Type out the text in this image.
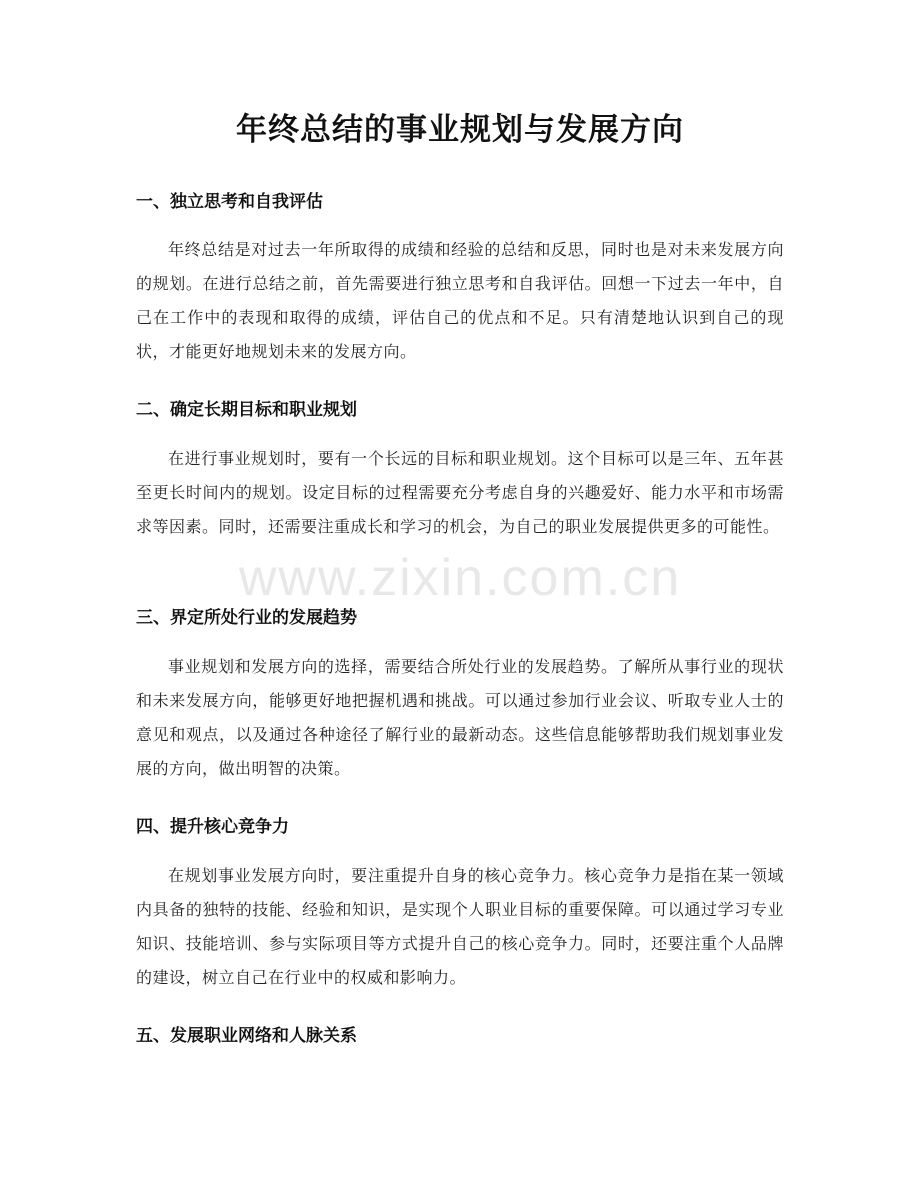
年终总结的事业规划与发展方向
一、独立思考和自我评估

年终总结是对过去一年所取得的成绩和经验的总结和反思，同时也是对未来发展方向的规划。在进行总结之前，首先需要进行独立思考和自我评估。回想一下过去一年中，自己在工作中的表现和取得的成绩，评估自己的优点和不足。只有清楚地认识到自己的现状，才能更好地规划未来的发展方向。

二、确定长期目标和职业规划

在进行事业规划时，要有一个长远的目标和职业规划。这个目标可以是三年、五年甚至更长时间内的规划。设定目标的过程需要充分考虑自身的兴趣爱好、能力水平和市场需求等因素。同时，还需要注重成长和学习的机会，为自己的职业发展提供更多的可能性。

三、界定所处行业的发展趋势

事业规划和发展方向的选择，需要结合所处行业的发展趋势。了解所从事行业的现状和未来发展方向，能够更好地把握机遇和挑战。可以通过参加行业会议、听取专业人士的意见和观点，以及通过各种途径了解行业的最新动态。这些信息能够帮助我们规划事业发展的方向，做出明智的决策。

四、提升核心竞争力

在规划事业发展方向时，要注重提升自身的核心竞争力。核心竞争力是指在某一领域内具备的独特的技能、经验和知识，是实现个人职业目标的重要保障。可以通过学习专业知识、技能培训、参与实际项目等方式提升自己的核心竞争力。同时，还要注重个人品牌的建设，树立自己在行业中的权威和影响力。

五、发展职业网络和人脉关系
www.zixin.com.cn
